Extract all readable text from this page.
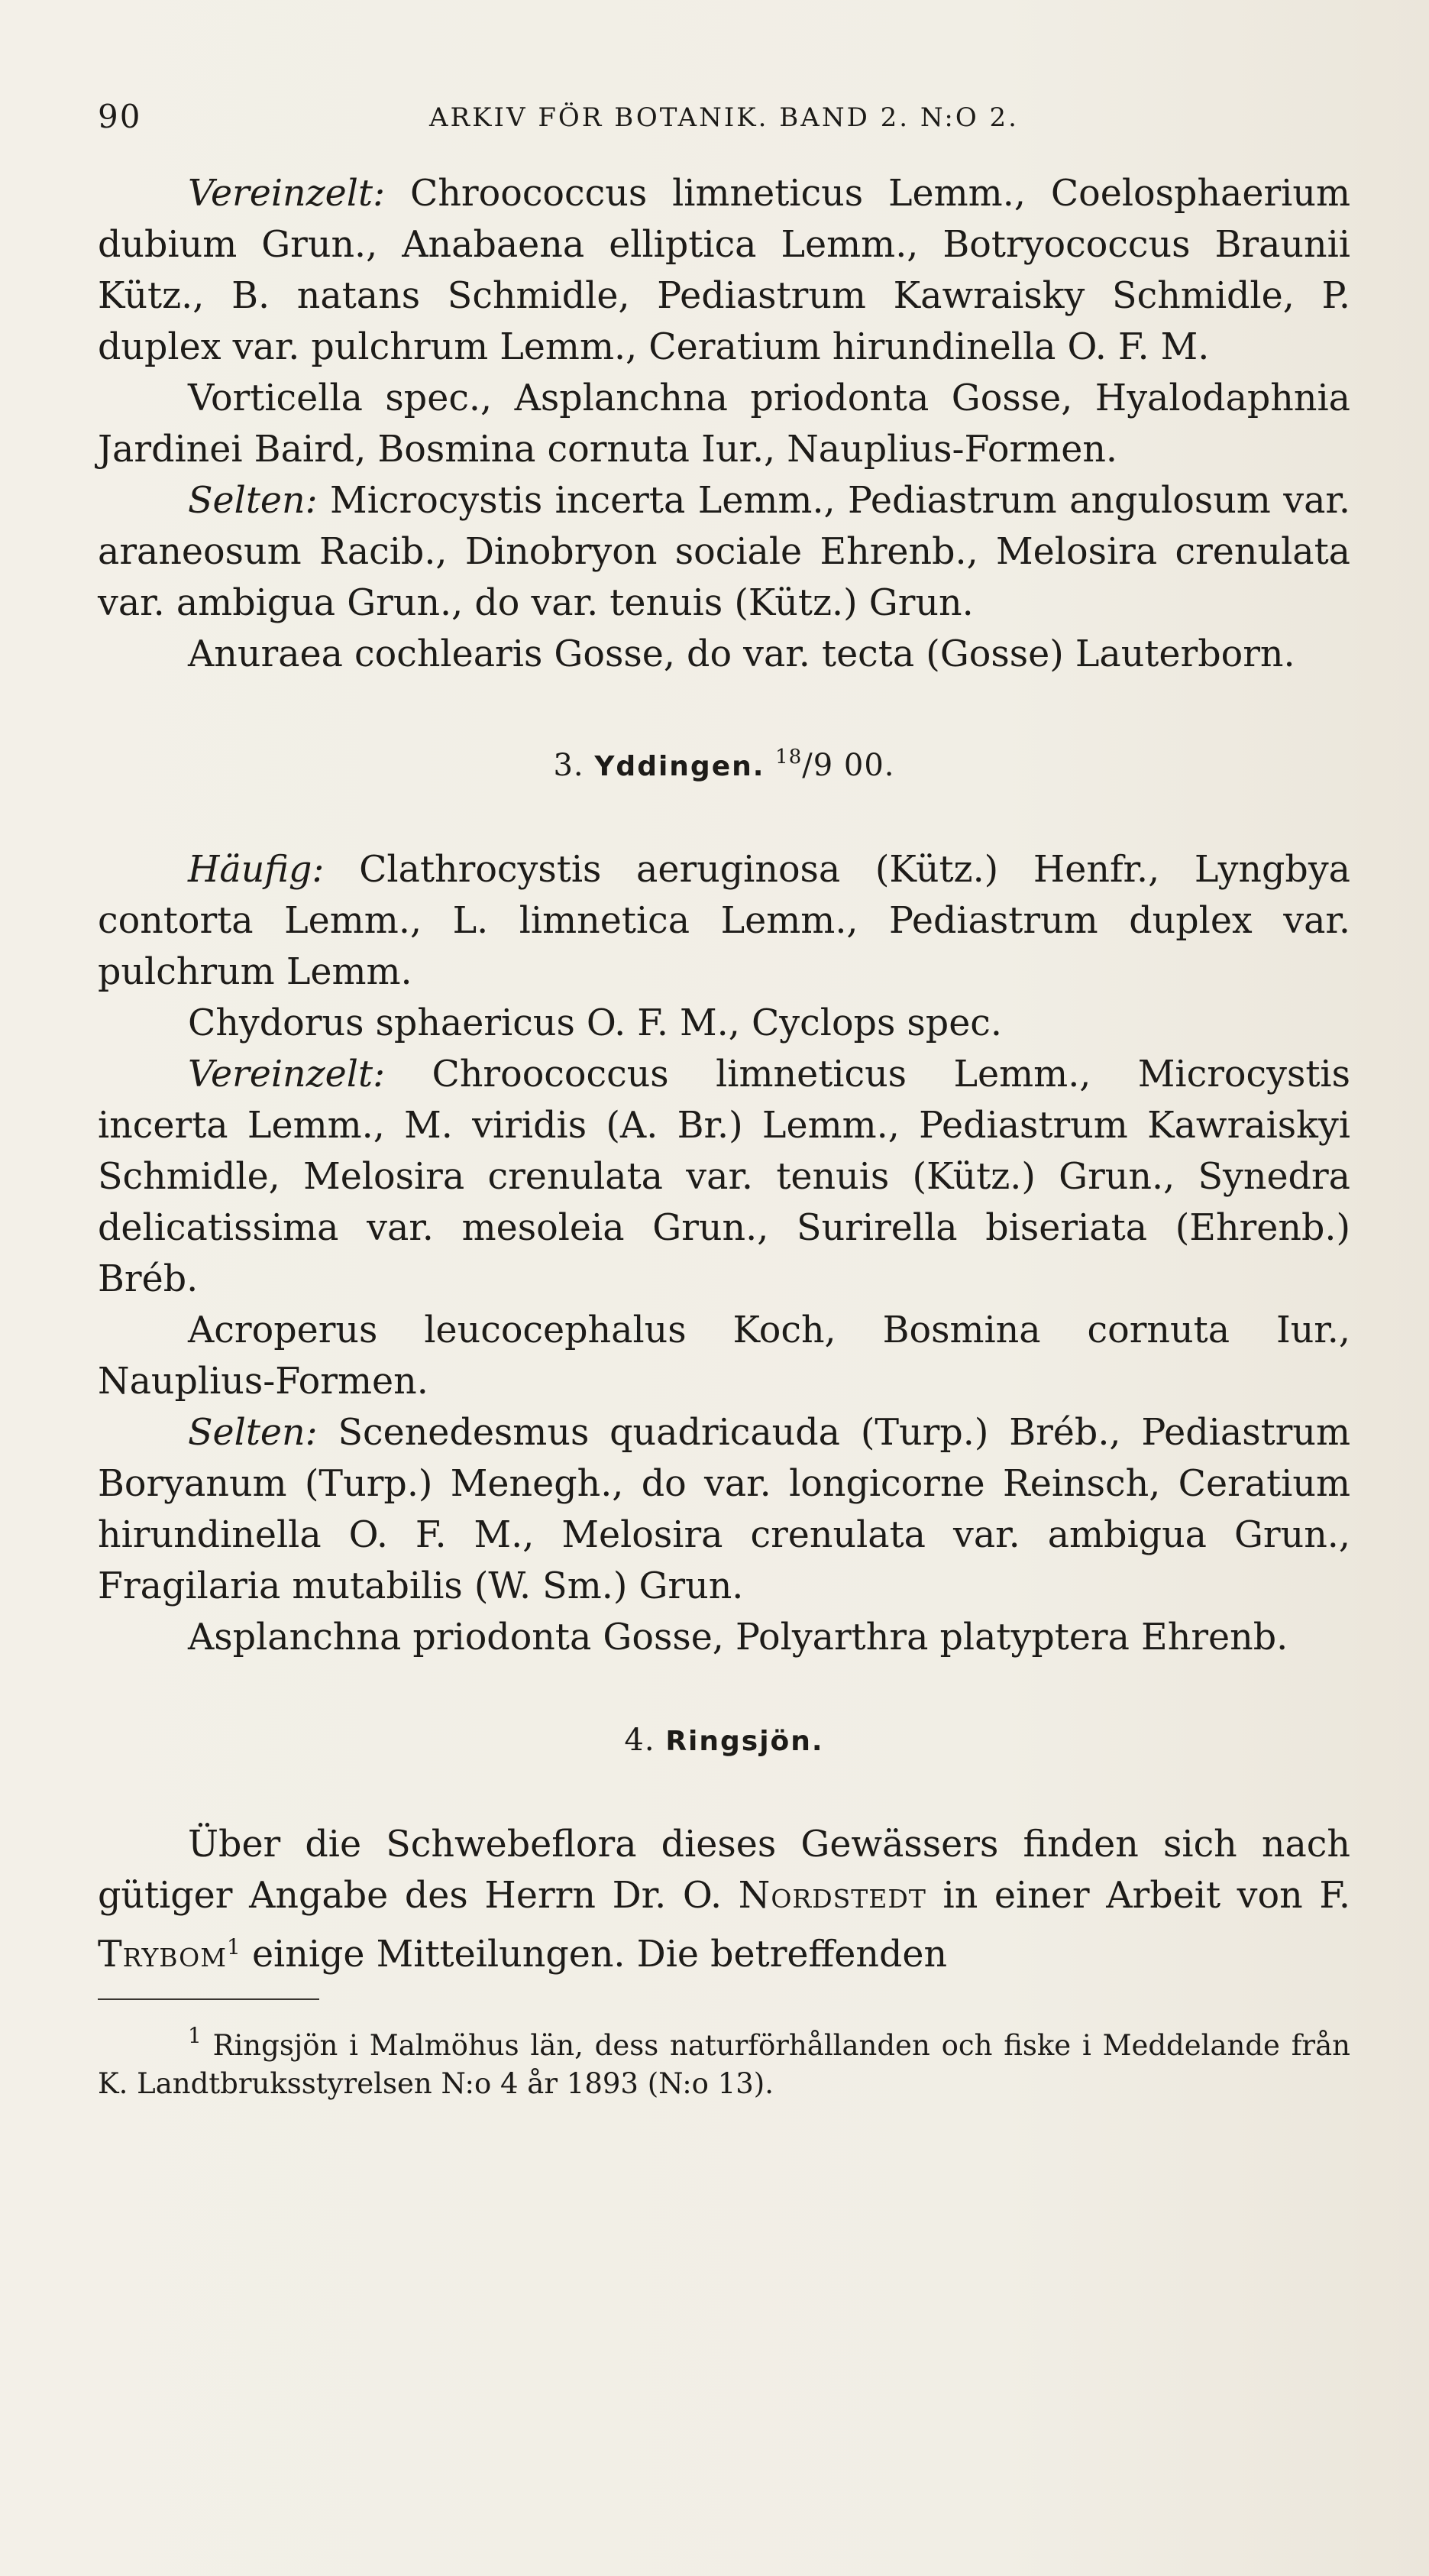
90	ARKIV FÖR BOTANIK. BAND 2. N:O 2.

Vereinzelt: Chroococcus limneticus Lemm., Coelosphaerium dubium Grun., Anabaena elliptica Lemm., Botryococcus Braunii Kütz., B. natans Schmidle, Pediastrum Kawraisky Schmidle, P. duplex var. pulchrum Lemm., Ceratium hirundinella O. F. M.

Vorticella spec., Asplanchna priodonta Gosse, Hyalodaphnia Jardinei Baird, Bosmina cornuta Iur., Nauplius-Formen.

Selten: Microcystis incerta Lemm., Pediastrum angulosum var. araneosum Racib., Dinobryon sociale Ehrenb., Melosira crenulata var. ambigua Grun., do var. tenuis (Kütz.) Grun.

Anuraea cochlearis Gosse, do var. tecta (Gosse) Lauterborn.

3. Yddingen. $^{18}$/9 00.

Häufig: Clathrocystis aeruginosa (Kütz.) Henfr., Lyngbya contorta Lemm., L. limnetica Lemm., Pediastrum duplex var. pulchrum Lemm.

Chydorus sphaericus O. F. M., Cyclops spec.

Vereinzelt: Chroococcus limneticus Lemm., Microcystis incerta Lemm., M. viridis (A. Br.) Lemm., Pediastrum Kawraiskyi Schmidle, Melosira crenulata var. tenuis (Kütz.) Grun., Synedra delicatissima var. mesoleia Grun., Surirella biseriata (Ehrenb.) Bréb.

Acroperus leucocephalus Koch, Bosmina cornuta Iur., Nauplius-Formen.

Selten: Scenedesmus quadricauda (Turp.) Bréb., Pediastrum Boryanum (Turp.) Menegh., do var. longicorne Reinsch, Ceratium hirundinella O. F. M., Melosira crenulata var. ambigua Grun., Fragilaria mutabilis (W. Sm.) Grun.

Asplanchna priodonta Gosse, Polyarthra platyptera Ehrenb.

4. Ringsjön.

Über die Schwebeflora dieses Gewässers finden sich nach gütiger Angabe des Herrn Dr. O. Nordstedt in einer Arbeit von F. Trybom$^1$ einige Mitteilungen. Die betreffenden

$^1$ Ringsjön i Malmöhus län, dess naturförhållanden och fiske i Meddelande från K. Landtbruksstyrelsen N:o 4 år 1893 (N:o 13).
